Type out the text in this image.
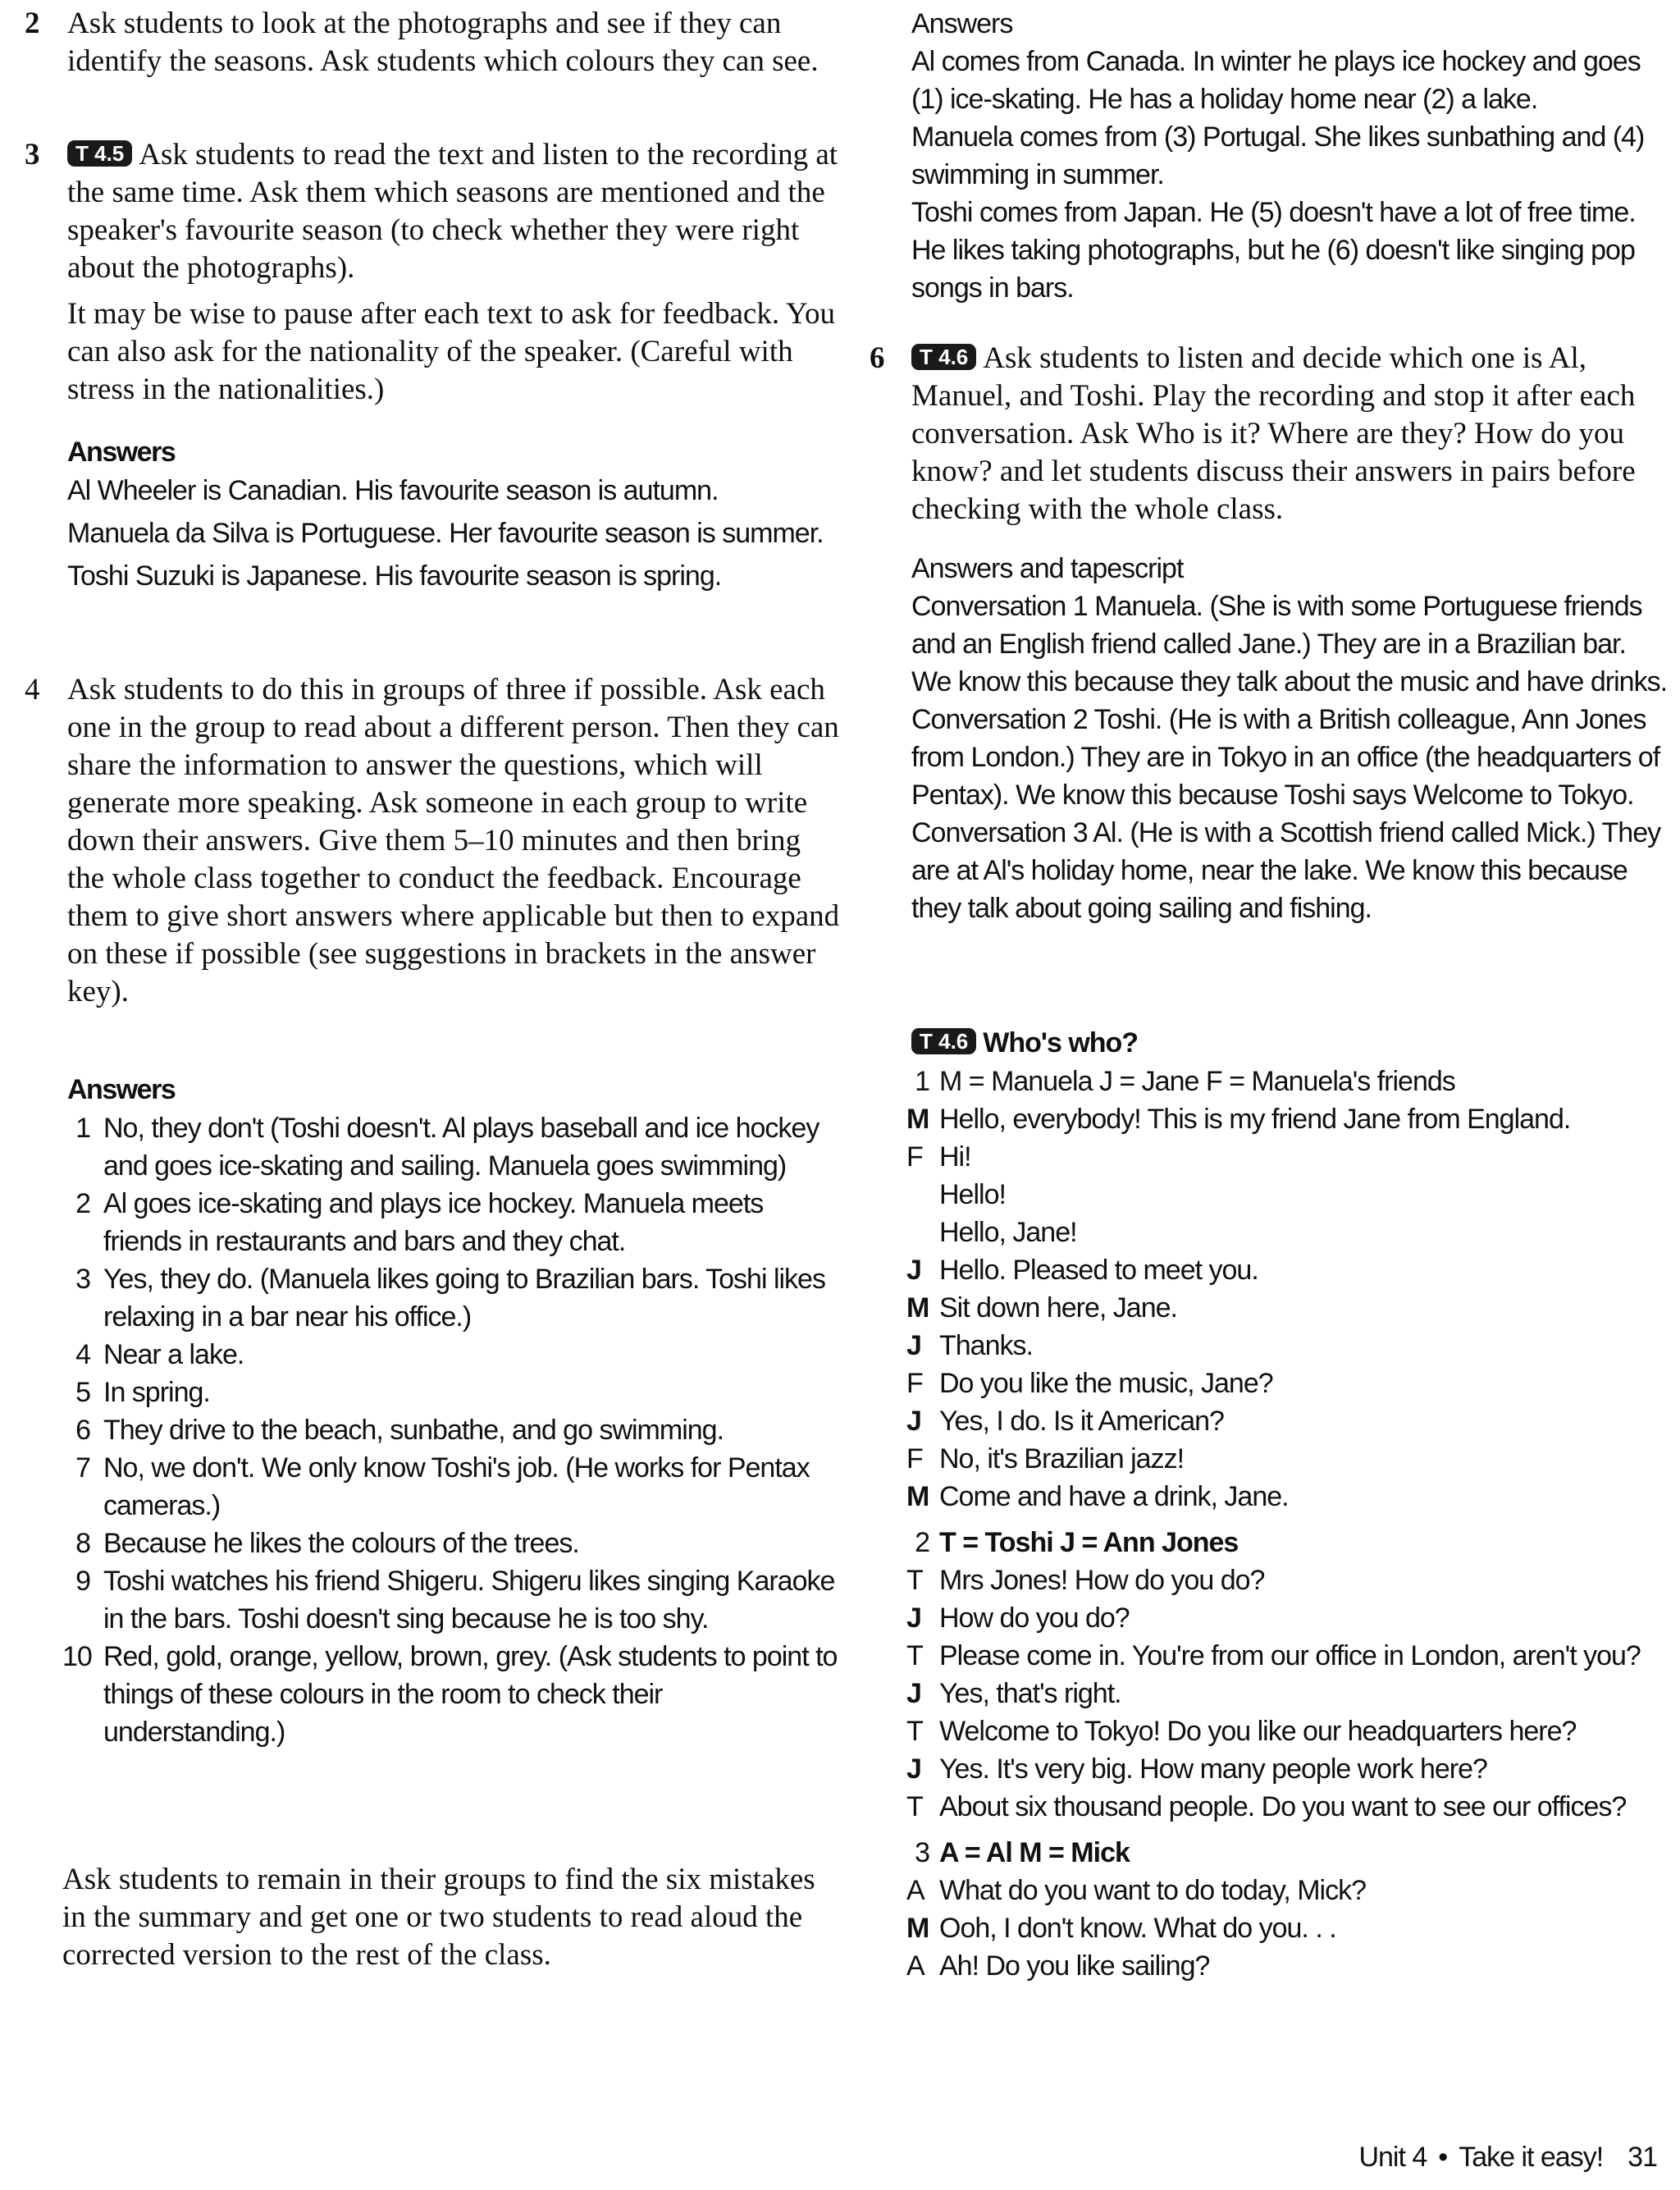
2 Ask students to look at the photographs and see if they can identify the seasons. Ask students which colours they can see.
3	T 4.5 Ask students to read the text and listen to the recording at the same time. Ask them which seasons are mentioned and the speaker's favourite season (to check whether they were right about the photographs).
It may be wise to pause after each text to ask for feedback. You can also ask for the nationality of the speaker. (Careful with stress in the nationalities.)
Answers

Al Wheeler is Canadian. His favourite season is autumn.

Manuela da Silva is Portuguese. Her favourite season is summer.

Toshi Suzuki is Japanese. His favourite season is spring.

4 Ask students to do this in groups of three if possible. Ask each one in the group to read about a different person. Then they can share the information to answer the questions, which will generate more speaking. Ask someone in each group to write down their answers. Give them 5–10 minutes and then bring the whole class together to conduct the feedback. Encourage them to give short answers where applicable but then to expand on these if possible (see suggestions in brackets in the answer key).
Answers
1 No, they don't (Toshi doesn't. Al plays baseball and ice hockey and goes ice-skating and sailing. Manuela goes swimming)
2 Al goes ice-skating and plays ice hockey. Manuela meets friends in restaurants and bars and they chat.
3 Yes, they do. (Manuela likes going to Brazilian bars. Toshi likes relaxing in a bar near his office.)
4 Near a lake.
5 In spring.
6 They drive to the beach, sunbathe, and go swimming.
7 No, we don't. We only know Toshi's job. (He works for Pentax cameras.)
8 Because he likes the colours of the trees.
9 Toshi watches his friend Shigeru. Shigeru likes singing Karaoke in the bars. Toshi doesn't sing because he is too shy.
10 Red, gold, orange, yellow, brown, grey. (Ask students to point to things of these colours in the room to check their understanding.)
Ask students to remain in their groups to find the six mistakes in the summary and get one or two students to read aloud the corrected version to the rest of the class.

Answers

Al comes from Canada. In winter he plays ice hockey and goes (1) ice-skating. He has a holiday home near (2) a lake.

Manuela comes from (3) Portugal. She likes sunbathing and (4) swimming in summer.

Toshi comes from Japan. He (5) doesn't have a lot of free time. He likes taking photographs, but he (6) doesn't like singing pop songs in bars.

6	T 4.6 Ask students to listen and decide which one is Al, Manuel, and Toshi. Play the recording and stop it after each conversation. Ask Who is it? Where are they? How do you know? and let students discuss their answers in pairs before checking with the whole class.

Answers and tapescript

Conversation 1 Manuela. (She is with some Portuguese friends and an English friend called Jane.) They are in a Brazilian bar. We know this because they talk about the music and have drinks.

Conversation 2 Toshi. (He is with a British colleague, Ann Jones from London.) They are in Tokyo in an office (the headquarters of Pentax). We know this because Toshi says Welcome to Tokyo.

Conversation 3 Al. (He is with a Scottish friend called Mick.) They are at Al's holiday home, near the lake. We know this because they talk about going sailing and fishing.

T 4.6 Who's who?
1 M = Manuela J = Jane F = Manuela's friends
M Hello, everybody! This is my friend Jane from England.
F Hi!
Hello!
Hello, Jane!
J Hello. Pleased to meet you.
M Sit down here, Jane.
J Thanks.
F Do you like the music, Jane?
J Yes, I do. Is it American?
F No, it's Brazilian jazz!
M Come and have a drink, Jane.
2 T = Toshi J = Ann Jones
T Mrs Jones! How do you do?
J How do you do?
T Please come in. You're from our office in London, aren't you?
J Yes, that's right.
T Welcome to Tokyo! Do you like our headquarters here?
J Yes. It's very big. How many people work here?
T About six thousand people. Do you want to see our offices?
3 A = Al M = Mick
A What do you want to do today, Mick?
M Ooh, I don't know. What do you. . .
A Ah! Do you like sailing?
Unit 4 • Take it easy! 31
